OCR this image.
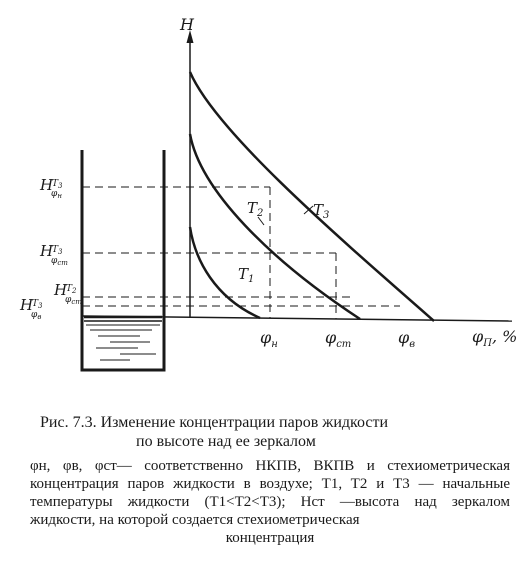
$T_1$
$T_2$	$T_3$
H
$\varphi_П$, %
$\varphi_н$	$\varphi_{ст}$	$\varphi_в$
H
$T_3$
$\varphi_н$
H
$T_3$
$\varphi_{ст}$
H
$T_2$
$\varphi_{ст}$
H
$T_3$
$\varphi_в$
Рис. 7.3. Изменение концентрации паров жидкости
по высоте над ее зеркалом
φн, φв, φст— соответственно НКПВ, ВКПВ и стехиометрическая концентрация паров жидкости в воздухе; T1, T2 и T3 — начальные температуры жидкости (T1<T2<T3); Hст —высота над зеркалом жидкости, на которой создается стехиометрическая
концентрация
